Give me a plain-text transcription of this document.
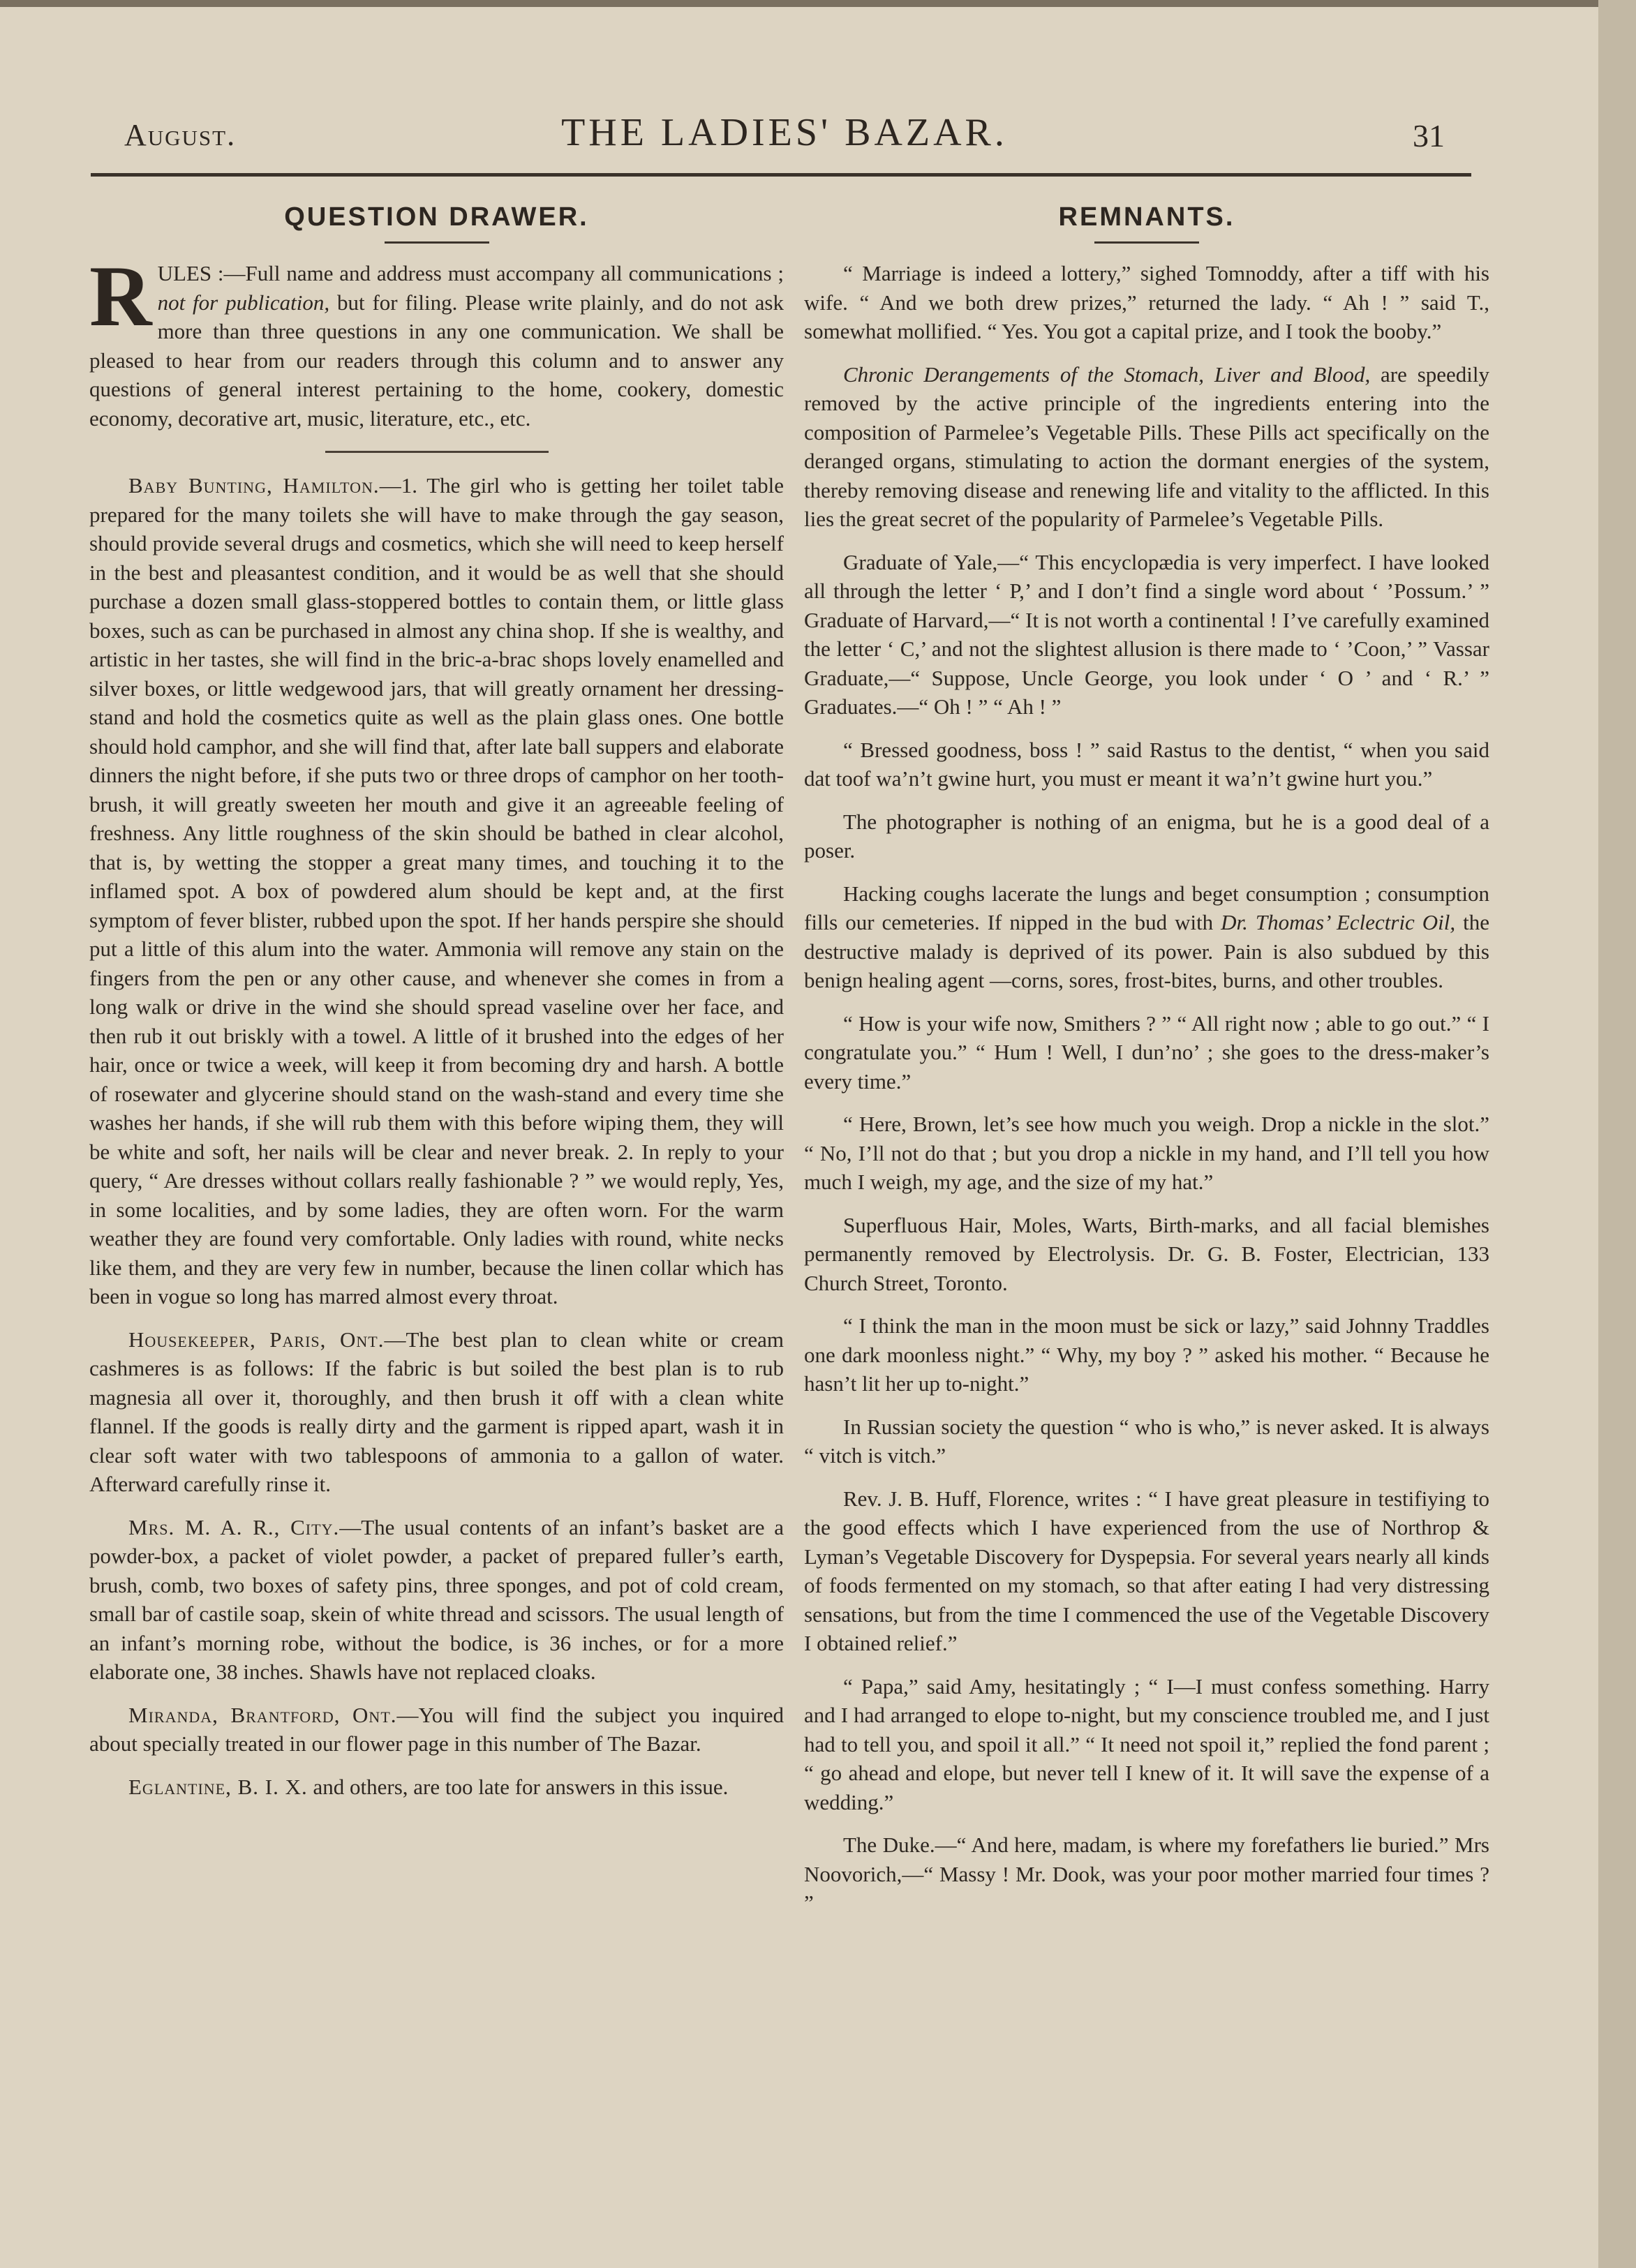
August.	THE LADIES' BAZAR.	31
QUESTION DRAWER.

RULES :—Full name and address must accompany all communications ; not for publication, but for filing. Please write plainly, and do not ask more than three questions in any one communication. We shall be pleased to hear from our readers through this column and to answer any questions of general interest pertaining to the home, cookery, domestic economy, decorative art, music, literature, etc., etc.

Baby Bunting, Hamilton.—1. The girl who is getting her toilet table prepared for the many toilets she will have to make through the gay season, should provide several drugs and cosmetics, which she will need to keep herself in the best and pleasantest condition, and it would be as well that she should purchase a dozen small glass-stoppered bottles to contain them, or little glass boxes, such as can be purchased in almost any china shop. If she is wealthy, and artistic in her tastes, she will find in the bric-a-brac shops lovely enamelled and silver boxes, or little wedgewood jars, that will greatly ornament her dressing-stand and hold the cosmetics quite as well as the plain glass ones. One bottle should hold camphor, and she will find that, after late ball suppers and elaborate dinners the night before, if she puts two or three drops of camphor on her tooth-brush, it will greatly sweeten her mouth and give it an agreeable feeling of freshness. Any little roughness of the skin should be bathed in clear alcohol, that is, by wetting the stopper a great many times, and touching it to the inflamed spot. A box of powdered alum should be kept and, at the first symptom of fever blister, rubbed upon the spot. If her hands perspire she should put a little of this alum into the water. Ammonia will remove any stain on the fingers from the pen or any other cause, and whenever she comes in from a long walk or drive in the wind she should spread vaseline over her face, and then rub it out briskly with a towel. A little of it brushed into the edges of her hair, once or twice a week, will keep it from becoming dry and harsh. A bottle of rosewater and glycerine should stand on the wash-stand and every time she washes her hands, if she will rub them with this before wiping them, they will be white and soft, her nails will be clear and never break. 2. In reply to your query, “ Are dresses without collars really fashionable ? ” we would reply, Yes, in some localities, and by some ladies, they are often worn. For the warm weather they are found very comfortable. Only ladies with round, white necks like them, and they are very few in number, because the linen collar which has been in vogue so long has marred almost every throat.

Housekeeper, Paris, Ont.—The best plan to clean white or cream cashmeres is as follows: If the fabric is but soiled the best plan is to rub magnesia all over it, thoroughly, and then brush it off with a clean white flannel. If the goods is really dirty and the garment is ripped apart, wash it in clear soft water with two tablespoons of ammonia to a gallon of water. Afterward carefully rinse it.

Mrs. M. A. R., City.—The usual contents of an infant’s basket are a powder-box, a packet of violet powder, a packet of prepared fuller’s earth, brush, comb, two boxes of safety pins, three sponges, and pot of cold cream, small bar of castile soap, skein of white thread and scissors. The usual length of an infant’s morning robe, without the bodice, is 36 inches, or for a more elaborate one, 38 inches. Shawls have not replaced cloaks.

Miranda, Brantford, Ont.—You will find the subject you inquired about specially treated in our flower page in this number of The Bazar.

Eglantine, B. I. X. and others, are too late for answers in this issue.

REMNANTS.

“ Marriage is indeed a lottery,” sighed Tomnoddy, after a tiff with his wife. “ And we both drew prizes,” returned the lady. “ Ah ! ” said T., somewhat mollified. “ Yes. You got a capital prize, and I took the booby.”

Chronic Derangements of the Stomach, Liver and Blood, are speedily removed by the active principle of the ingredients entering into the composition of Parmelee’s Vegetable Pills. These Pills act specifically on the deranged organs, stimulating to action the dormant energies of the system, thereby removing disease and renewing life and vitality to the afflicted. In this lies the great secret of the popularity of Parmelee’s Vegetable Pills.

Graduate of Yale,—“ This encyclopædia is very imperfect. I have looked all through the letter ‘ P,’ and I don’t find a single word about ‘ ’Possum.’ ” Graduate of Harvard,—“ It is not worth a continental ! I’ve carefully examined the letter ‘ C,’ and not the slightest allusion is there made to ‘ ’Coon,’ ” Vassar Graduate,—“ Suppose, Uncle George, you look under ‘ O ’ and ‘ R.’ ” Graduates.—“ Oh ! ” “ Ah ! ”

“ Bressed goodness, boss ! ” said Rastus to the dentist, “ when you said dat toof wa’n’t gwine hurt, you must er meant it wa’n’t gwine hurt you.”

The photographer is nothing of an enigma, but he is a good deal of a poser.

Hacking coughs lacerate the lungs and beget consumption ; consumption fills our cemeteries. If nipped in the bud with Dr. Thomas’ Eclectric Oil, the destructive malady is deprived of its power. Pain is also subdued by this benign healing agent —corns, sores, frost-bites, burns, and other troubles.

“ How is your wife now, Smithers ? ” “ All right now ; able to go out.” “ I congratulate you.” “ Hum ! Well, I dun’no’ ; she goes to the dress-maker’s every time.”

“ Here, Brown, let’s see how much you weigh. Drop a nickle in the slot.” “ No, I’ll not do that ; but you drop a nickle in my hand, and I’ll tell you how much I weigh, my age, and the size of my hat.”

Superfluous Hair, Moles, Warts, Birth-marks, and all facial blemishes permanently removed by Electrolysis. Dr. G. B. Foster, Electrician, 133 Church Street, Toronto.

“ I think the man in the moon must be sick or lazy,” said Johnny Traddles one dark moonless night.” “ Why, my boy ? ” asked his mother. “ Because he hasn’t lit her up to-night.”

In Russian society the question “ who is who,” is never asked. It is always “ vitch is vitch.”

Rev. J. B. Huff, Florence, writes : “ I have great pleasure in testifiying to the good effects which I have experienced from the use of Northrop & Lyman’s Vegetable Discovery for Dyspepsia. For several years nearly all kinds of foods fermented on my stomach, so that after eating I had very distressing sensations, but from the time I commenced the use of the Vegetable Discovery I obtained relief.”

“ Papa,” said Amy, hesitatingly ; “ I—I must confess something. Harry and I had arranged to elope to-night, but my conscience troubled me, and I just had to tell you, and spoil it all.” “ It need not spoil it,” replied the fond parent ; “ go ahead and elope, but never tell I knew of it. It will save the expense of a wedding.”

The Duke.—“ And here, madam, is where my forefathers lie buried.” Mrs Noovorich,—“ Massy ! Mr. Dook, was your poor mother married four times ? ”
